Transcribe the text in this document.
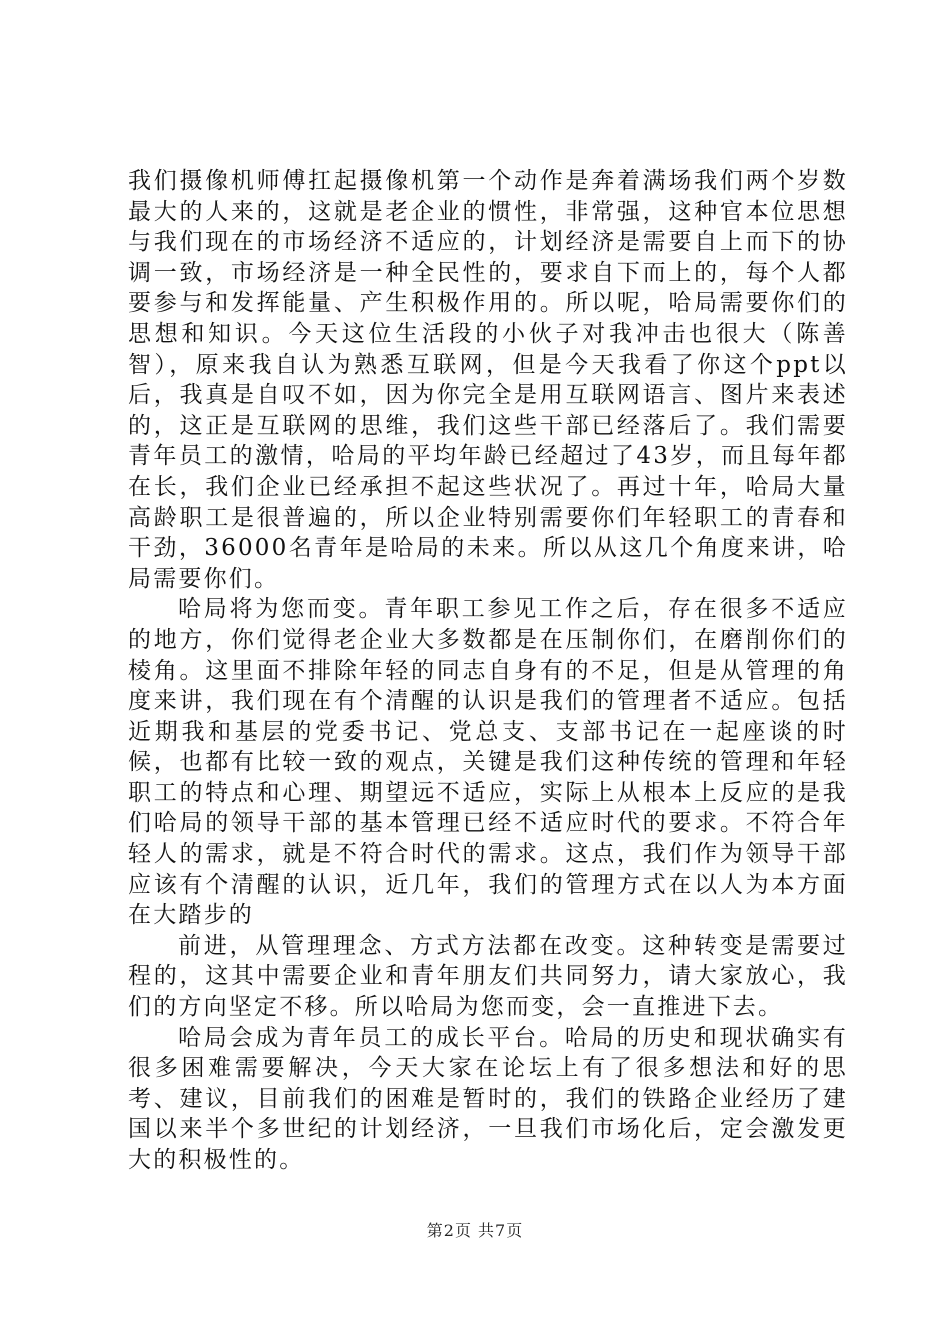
我们摄像机师傅扛起摄像机第一个动作是奔着满场我们两个岁数最大的人来的，这就是老企业的惯性，非常强，这种官本位思想与我们现在的市场经济不适应的，计划经济是需要自上而下的协调一致，市场经济是一种全民性的，要求自下而上的，每个人都要参与和发挥能量、产生积极作用的。所以呢，哈局需要你们的思想和知识。今天这位生活段的小伙子对我冲击也很大（陈善智），原来我自认为熟悉互联网，但是今天我看了你这个ppt以后，我真是自叹不如，因为你完全是用互联网语言、图片来表述的，这正是互联网的思维，我们这些干部已经落后了。我们需要青年员工的激情，哈局的平均年龄已经超过了43岁，而且每年都在长，我们企业已经承担不起这些状况了。再过十年，哈局大量高龄职工是很普遍的，所以企业特别需要你们年轻职工的青春和干劲，36000名青年是哈局的未来。所以从这几个角度来讲，哈局需要你们。

哈局将为您而变。青年职工参见工作之后，存在很多不适应的地方，你们觉得老企业大多数都是在压制你们，在磨削你们的棱角。这里面不排除年轻的同志自身有的不足，但是从管理的角度来讲，我们现在有个清醒的认识是我们的管理者不适应。包括近期我和基层的党委书记、党总支、支部书记在一起座谈的时候，也都有比较一致的观点，关键是我们这种传统的管理和年轻职工的特点和心理、期望远不适应，实际上从根本上反应的是我们哈局的领导干部的基本管理已经不适应时代的要求。不符合年轻人的需求，就是不符合时代的需求。这点，我们作为领导干部应该有个清醒的认识，近几年，我们的管理方式在以人为本方面在大踏步的

前进，从管理理念、方式方法都在改变。这种转变是需要过程的，这其中需要企业和青年朋友们共同努力，请大家放心，我们的方向坚定不移。所以哈局为您而变，会一直推进下去。

哈局会成为青年员工的成长平台。哈局的历史和现状确实有很多困难需要解决，今天大家在论坛上有了很多想法和好的思考、建议，目前我们的困难是暂时的，我们的铁路企业经历了建国以来半个多世纪的计划经济，一旦我们市场化后，定会激发更大的积极性的。

第2页 共7页
